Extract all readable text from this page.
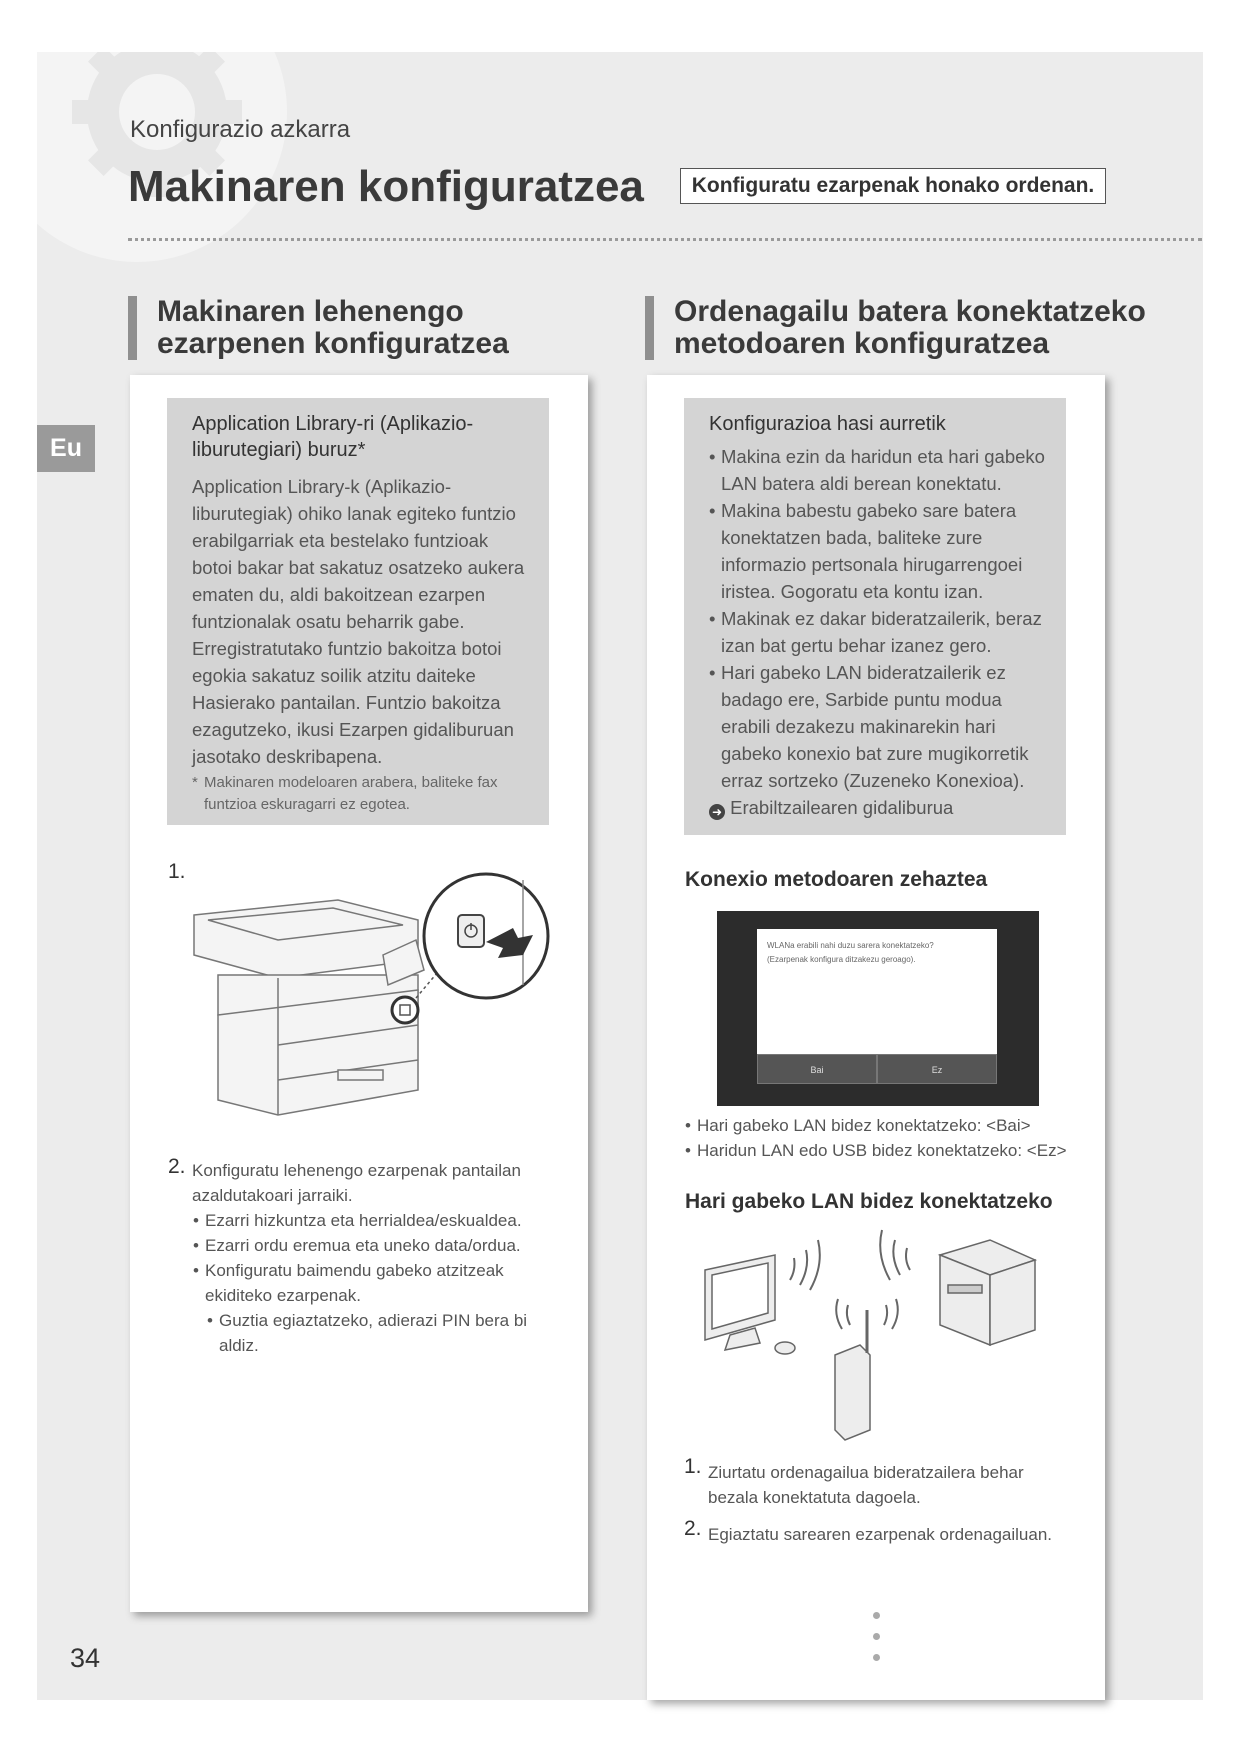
Konfigurazio azkarra
Makinaren konfiguratzea	Konfiguratu ezarpenak honako ordenan.
Eu
Makinaren lehenengo
ezarpenen konfiguratzea
Application Library-ri (Aplikazio-
liburutegiari) buruz*
Application Library-k (Aplikazio-
liburutegiak) ohiko lanak egiteko funtzio
erabilgarriak eta bestelako funtzioak
botoi bakar bat sakatuz osatzeko aukera
ematen du, aldi bakoitzean ezarpen
funtzionalak osatu beharrik gabe.
Erregistratutako funtzio bakoitza botoi
egokia sakatuz soilik atzitu daiteke
Hasierako pantailan. Funtzio bakoitza
ezagutzeko, ikusi Ezarpen gidaliburuan
jasotako deskribapena.
* Makinaren modeloaren arabera, baliteke fax
funtzioa eskuragarri ez egotea.
1.
2. Konfiguratu lehenengo ezarpenak pantailan
azaldutakoari jarraiki.
• Ezarri hizkuntza eta herrialdea/eskualdea.
• Ezarri ordu eremua eta uneko data/ordua.
• Konfiguratu baimendu gabeko atzitzeak
ekiditeko ezarpenak.
• Guztia egiaztatzeko, adierazi PIN bera bi
aldiz.
Ordenagailu batera konektatzeko
metodoaren konfiguratzea
Konfigurazioa hasi aurretik
• Makina ezin da haridun eta hari gabeko
LAN batera aldi berean konektatu.
• Makina babestu gabeko sare batera
konektatzen bada, baliteke zure
informazio pertsonala hirugarrengoei
iristea. Gogoratu eta kontu izan.
• Makinak ez dakar bideratzailerik, beraz
izan bat gertu behar izanez gero.
• Hari gabeko LAN bideratzailerik ez
badago ere, Sarbide puntu modua
erabili dezakezu makinarekin hari
gabeko konexio bat zure mugikorretik
erraz sortzeko (Zuzeneko Konexioa).
➜ Erabiltzailearen gidaliburua
Konexio metodoaren zehaztea
WLANa erabili nahi duzu sarera konektatzeko?
(Ezarpenak konfigura ditzakezu geroago).
Bai	Ez
• Hari gabeko LAN bidez konektatzeko: <Bai>
• Haridun LAN edo USB bidez konektatzeko: <Ez>
Hari gabeko LAN bidez konektatzeko
1. Ziurtatu ordenagailua bideratzailera behar
bezala konektatuta dagoela.
2. Egiaztatu sarearen ezarpenak ordenagailuan.
34
